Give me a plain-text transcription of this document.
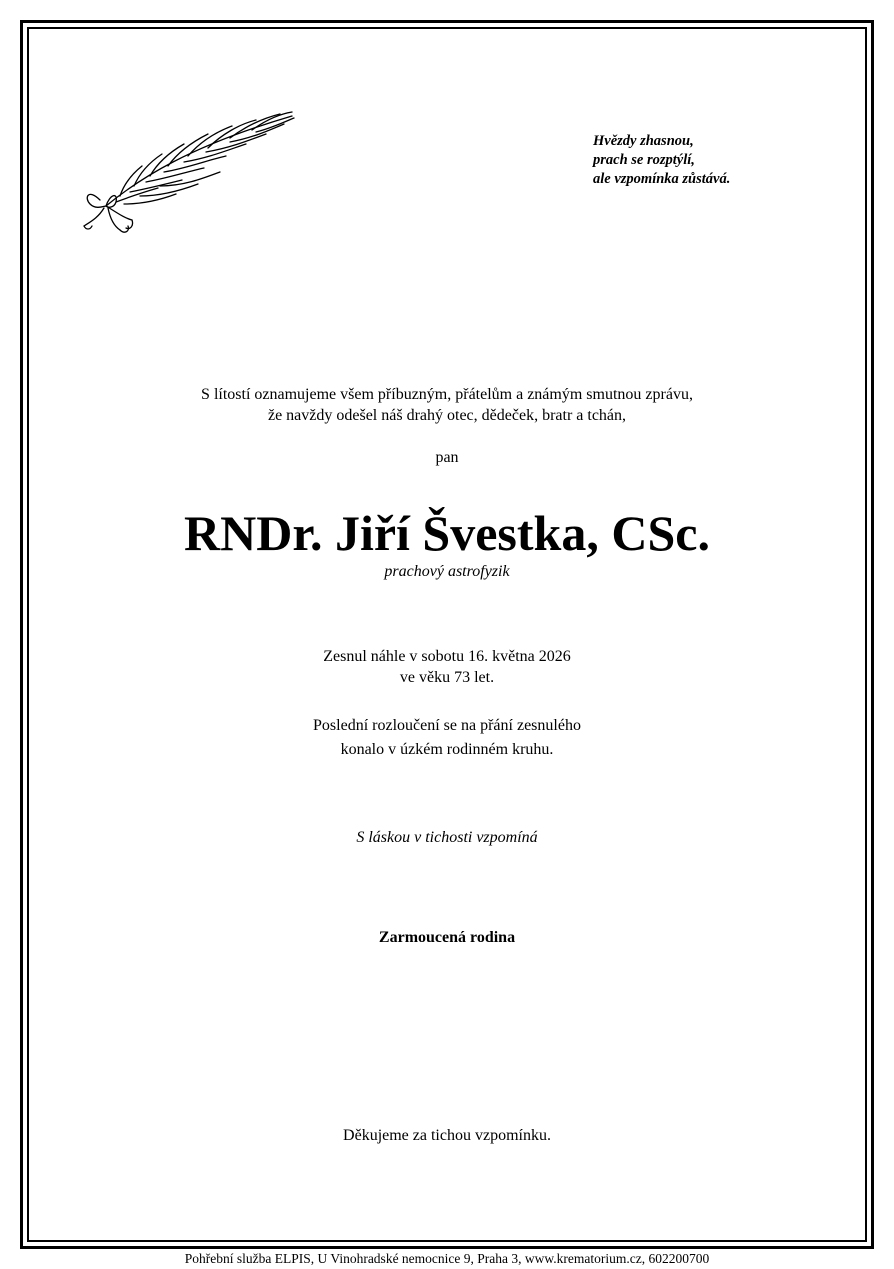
Hvězdy zhasnou,
prach se rozptýlí,
ale vzpomínka zůstává.
S lítostí oznamujeme všem příbuzným, přátelům a známým smutnou zprávu,
že navždy odešel náš drahý otec, dědeček, bratr a tchán,
pan
RNDr. Jiří Švestka, CSc.
prachový astrofyzik
Zesnul náhle v sobotu 16. května 2026
ve věku 73 let.
Poslední rozloučení se na přání zesnulého
konalo v úzkém rodinném kruhu.
S láskou v tichosti vzpomíná
Zarmoucená rodina
Děkujeme za tichou vzpomínku.
Pohřební služba ELPIS, U Vinohradské nemocnice 9, Praha 3, www.krematorium.cz, 602200700
